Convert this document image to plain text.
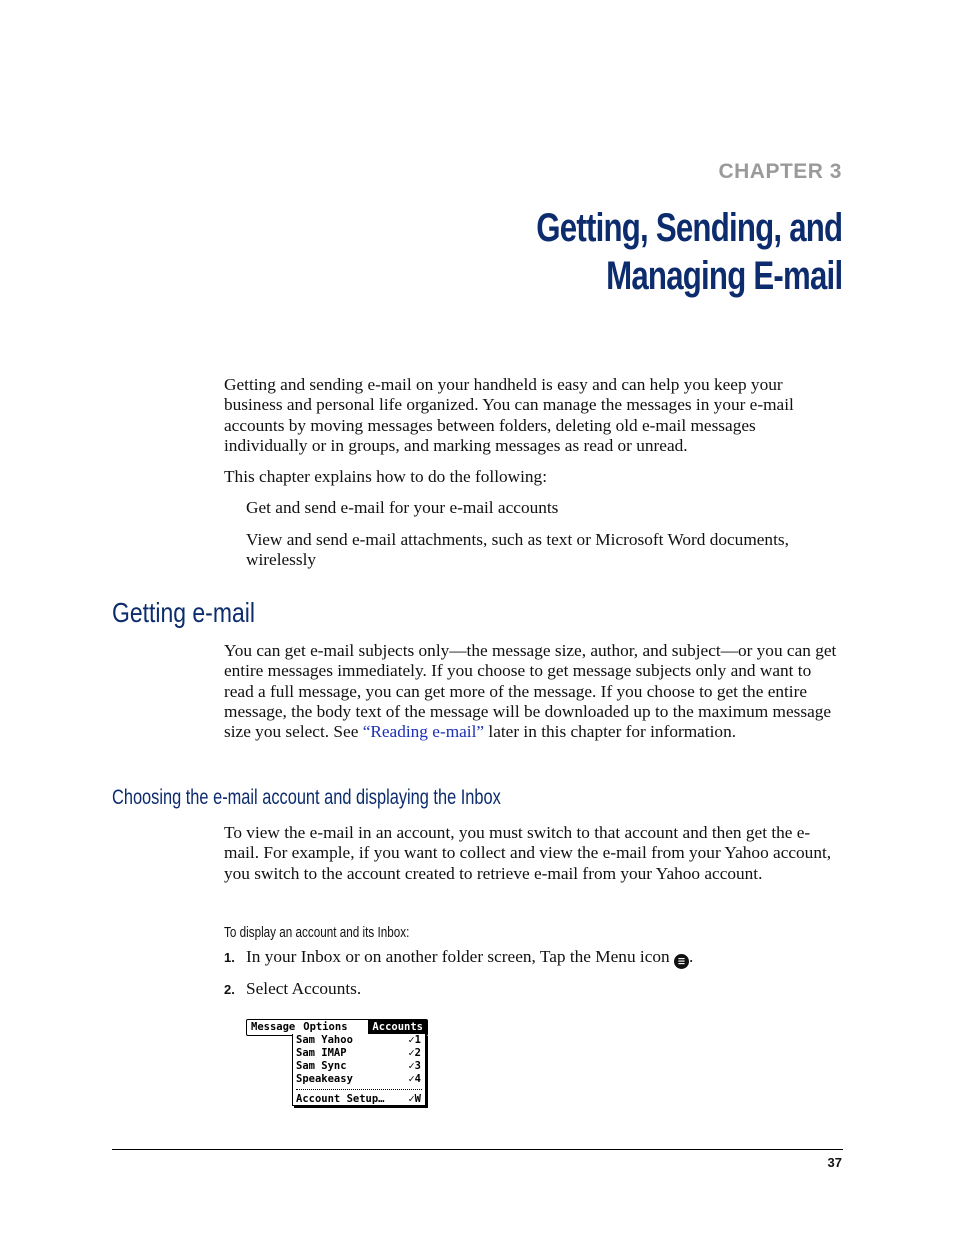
CHAPTER 3
Getting, Sending, and
Managing E-mail
Getting and sending e-mail on your handheld is easy and can help you keep your business and personal life organized. You can manage the messages in your e-mail accounts by moving messages between folders, deleting old e-mail messages individually or in groups, and marking messages as read or unread.
This chapter explains how to do the following:
Get and send e-mail for your e-mail accounts
View and send e-mail attachments, such as text or Microsoft Word documents, wirelessly
Getting e-mail
You can get e-mail subjects only—the message size, author, and subject—or you can get entire messages immediately. If you choose to get message subjects only and want to read a full message, you can get more of the message. If you choose to get the entire message, the body text of the message will be downloaded up to the maximum message size you select. See “Reading e-mail” later in this chapter for information.
Choosing the e-mail account and displaying the Inbox
To view the e-mail in an account, you must switch to that account and then get the e-mail. For example, if you want to collect and view the e-mail from your Yahoo account, you switch to the account created to retrieve e-mail from your Yahoo account.
To display an account and its Inbox:
1. In your Inbox or on another folder screen, Tap the Menu icon ☰ .
2. Select Accounts.
Message Options	Accounts
Sam Yahoo	✓1
Sam IMAP	✓2
Sam Sync	✓3
Speakeasy	✓4
Account Setup… ✓W
37
